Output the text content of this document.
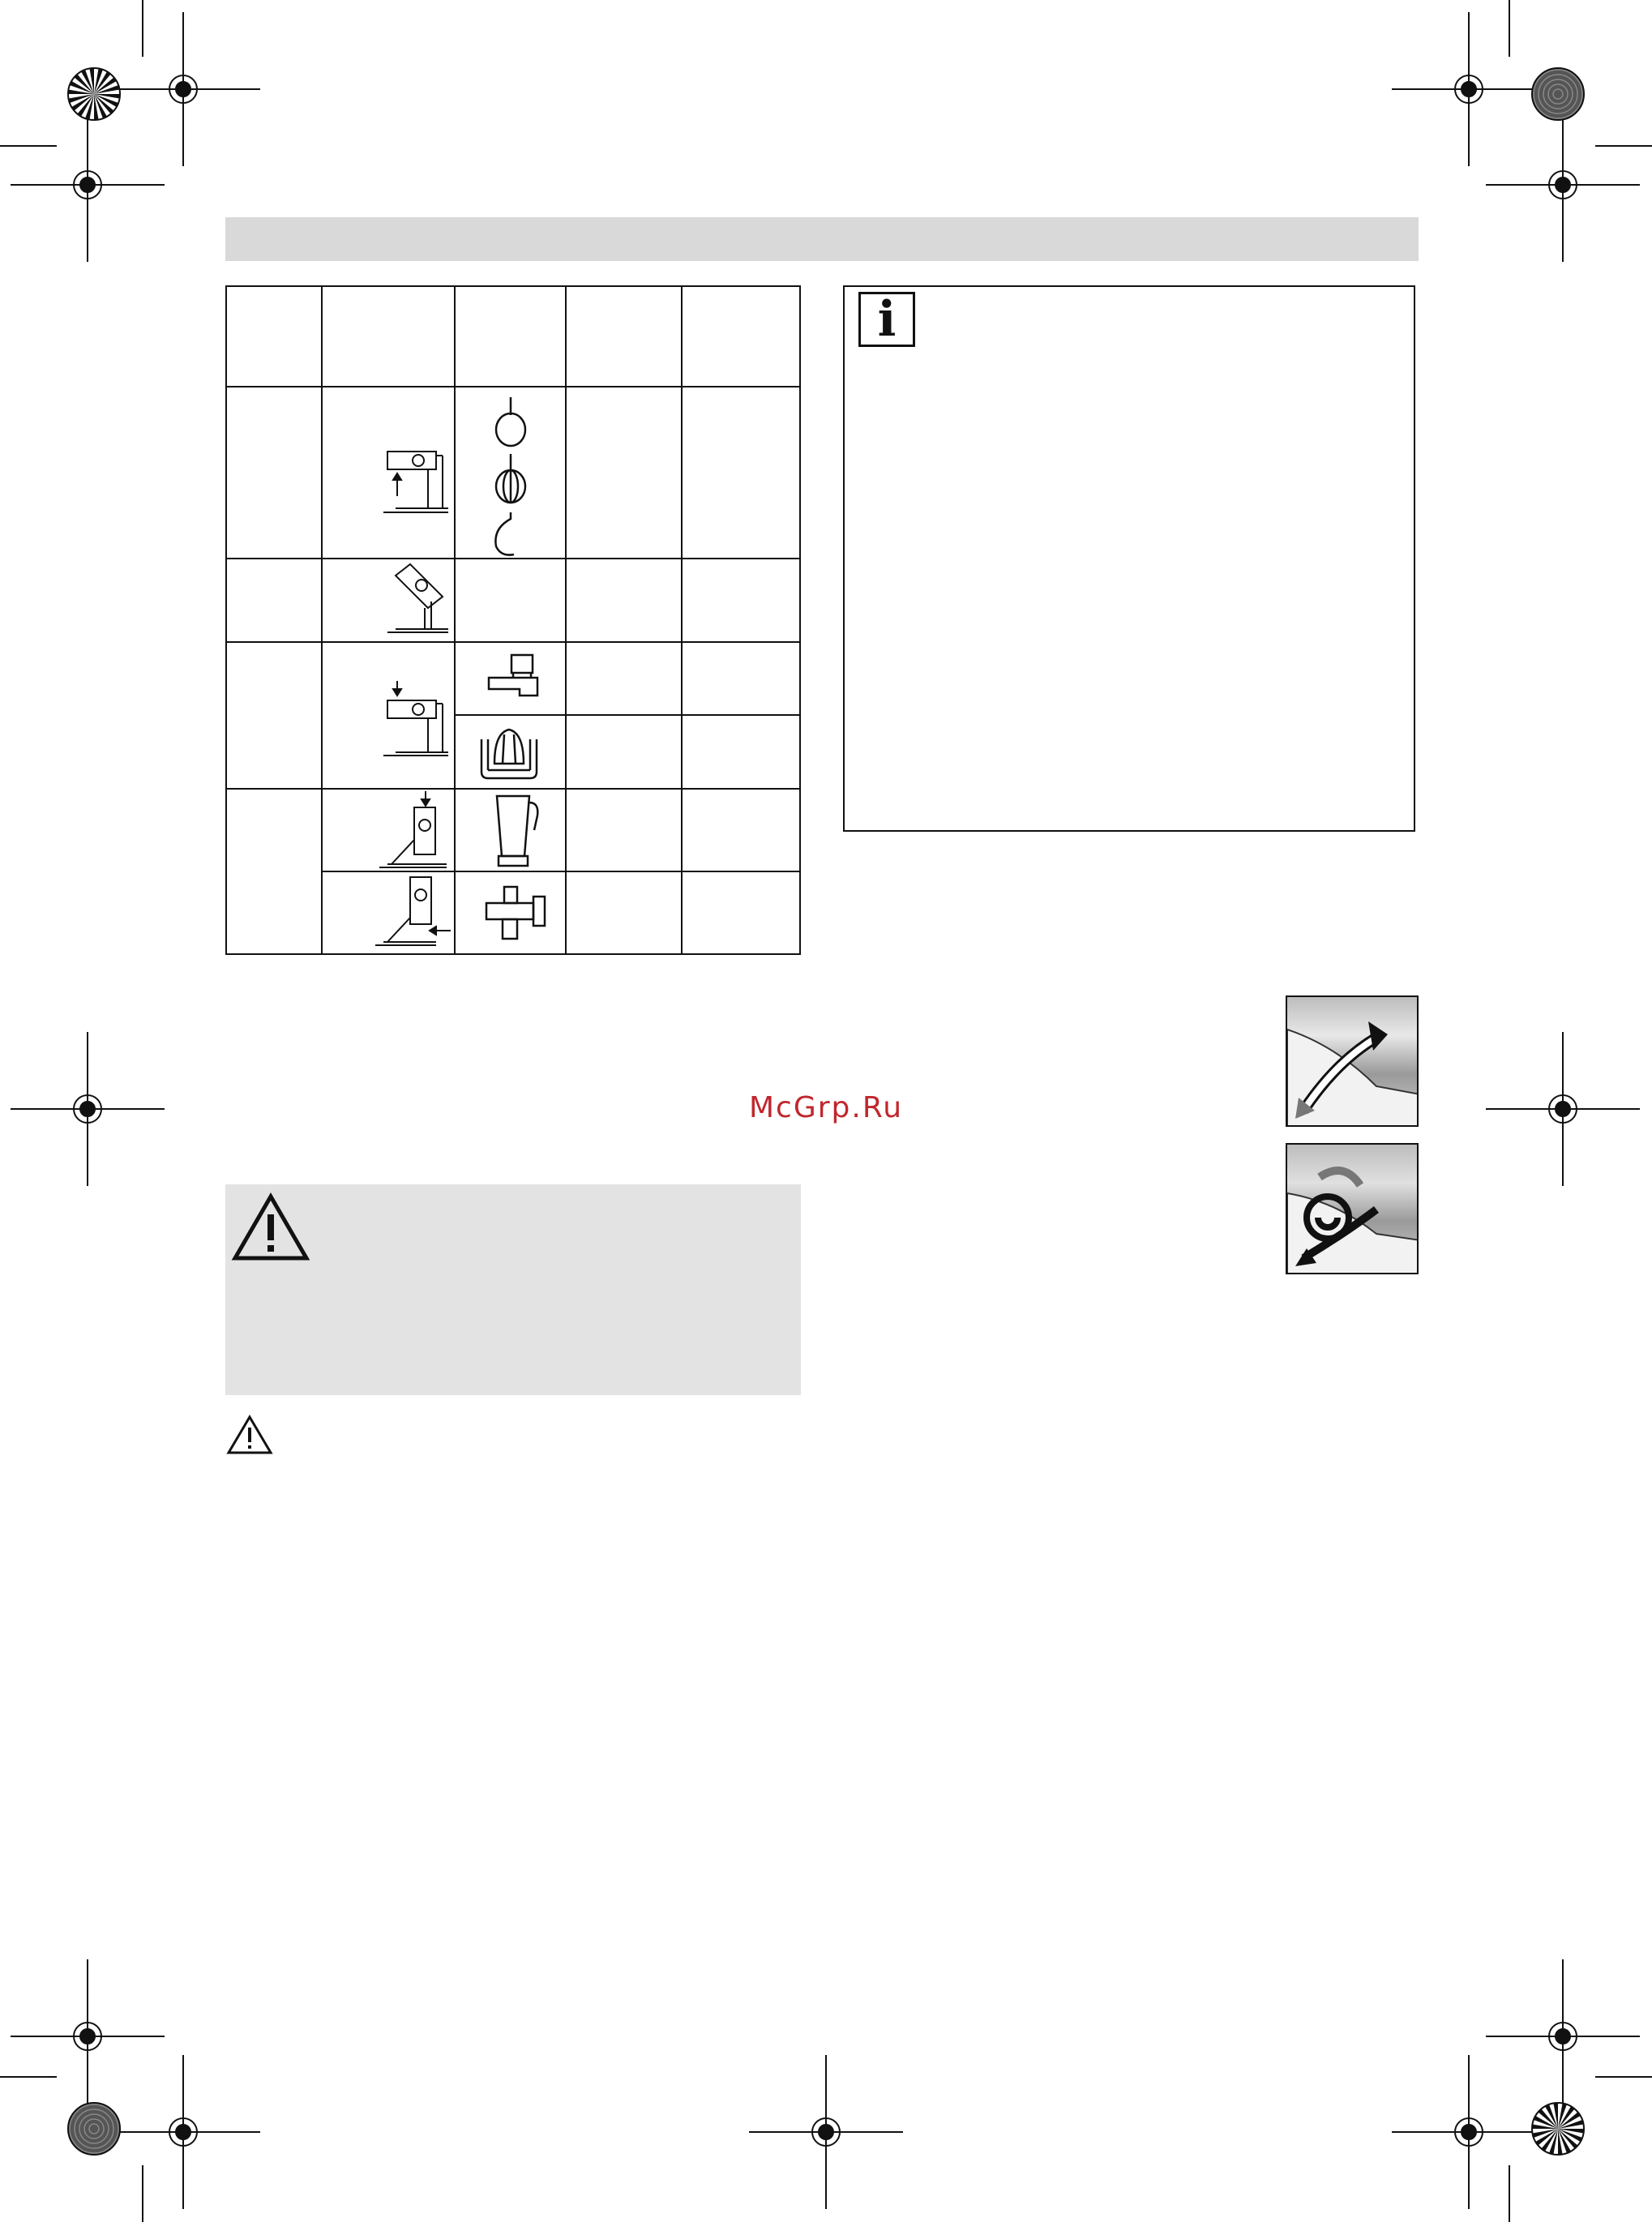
i
McGrp.Ru
